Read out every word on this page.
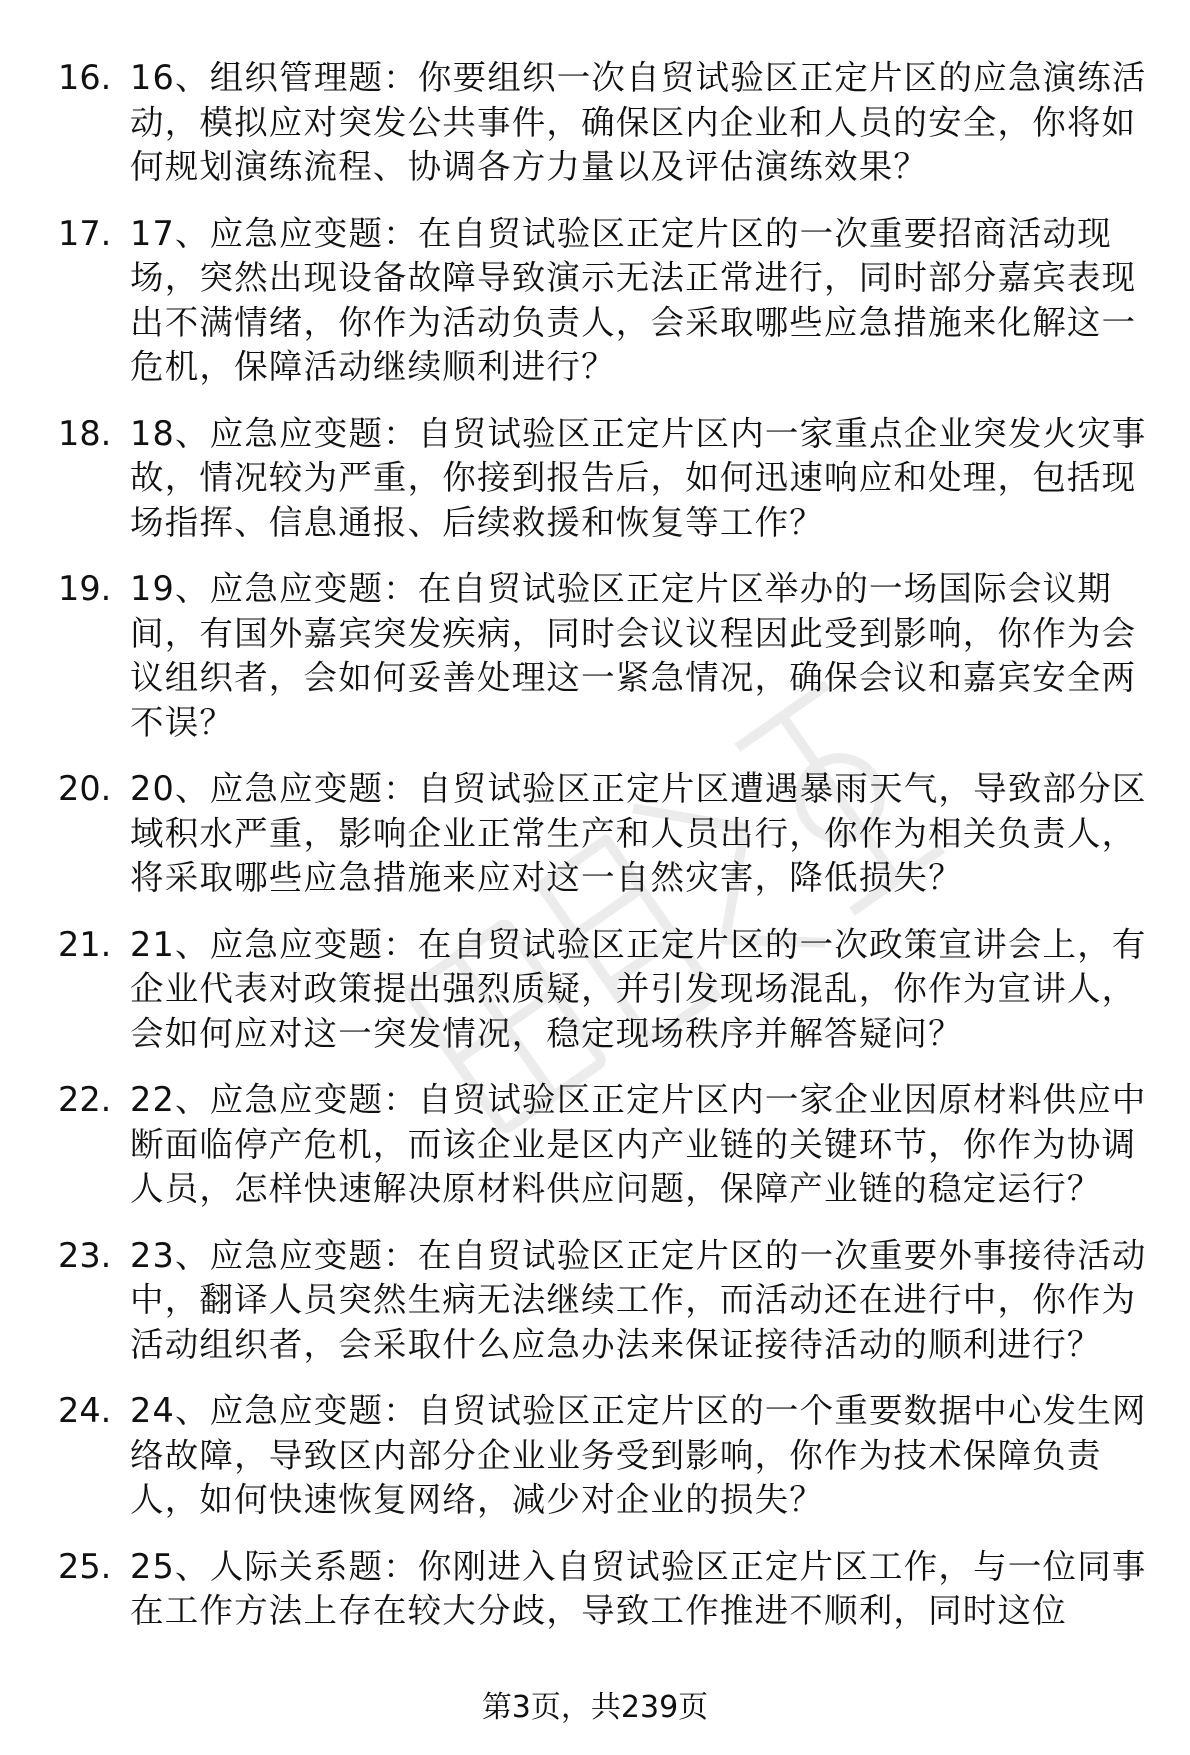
16. 16、组织管理题：你要组织一次自贸试验区正定片区的应急演练活动，模拟应对突发公共事件，确保区内企业和人员的安全，你将如何规划演练流程、协调各方力量以及评估演练效果？
17. 17、应急应变题：在自贸试验区正定片区的一次重要招商活动现场，突然出现设备故障导致演示无法正常进行，同时部分嘉宾表现出不满情绪，你作为活动负责人，会采取哪些应急措施来化解这一危机，保障活动继续顺利进行？
18. 18、应急应变题：自贸试验区正定片区内一家重点企业突发火灾事故，情况较为严重，你接到报告后，如何迅速响应和处理，包括现场指挥、信息通报、后续救援和恢复等工作？
19. 19、应急应变题：在自贸试验区正定片区举办的一场国际会议期间，有国外嘉宾突发疾病，同时会议议程因此受到影响，你作为会议组织者，会如何妥善处理这一紧急情况，确保会议和嘉宾安全两不误？
20. 20、应急应变题：自贸试验区正定片区遭遇暴雨天气，导致部分区域积水严重，影响企业正常生产和人员出行，你作为相关负责人，将采取哪些应急措施来应对这一自然灾害，降低损失？
21. 21、应急应变题：在自贸试验区正定片区的一次政策宣讲会上，有企业代表对政策提出强烈质疑，并引发现场混乱，你作为宣讲人，会如何应对这一突发情况，稳定现场秩序并解答疑问？
22. 22、应急应变题：自贸试验区正定片区内一家企业因原材料供应中断面临停产危机，而该企业是区内产业链的关键环节，你作为协调人员，怎样快速解决原材料供应问题，保障产业链的稳定运行？
23. 23、应急应变题：在自贸试验区正定片区的一次重要外事接待活动中，翻译人员突然生病无法继续工作，而活动还在进行中，你作为活动组织者，会采取什么应急办法来保证接待活动的顺利进行？
24. 24、应急应变题：自贸试验区正定片区的一个重要数据中心发生网络故障，导致区内部分企业业务受到影响，你作为技术保障负责人，如何快速恢复网络，减少对企业的损失？
25. 25、人际关系题：你刚进入自贸试验区正定片区工作，与一位同事在工作方法上存在较大分歧，导致工作推进不顺利，同时这位
第3页，共239页
